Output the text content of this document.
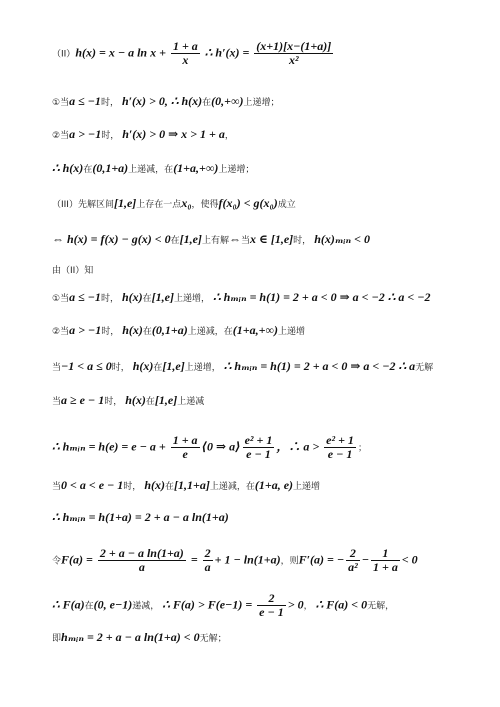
（II）h(x) = x − a $\ln x + \frac{1 + a}{x}$ ∴ $h'(x) = \frac{(x+1)[x-(1+a)]}{\text{x²}}$
①当a ≤ −1时， h′(x) > 0, ∴ h(x)在(0,+∞)上递增；
②当a > −1时， h′(x) > 0 ⇒ x > 1 + a，
∴ h(x)在(0,1+a)上递减，在(1+a,+∞)上递增；
（III）先解区间[1,e]上存在一点x₀，使得f(x₀) < g(x₀)成立
⇔ h(x) = f(x) − g(x) < 0在[1,e]上有解⇔当x ∈ [1,e]时， h(x)ₘᵢₙ < 0
由（II）知
①当a ≤ −1时， h(x)在[1,e]上递增， ∴ hₘᵢₙ = h(1) = 2 + a < 0 ⇒ a < −2 ∴ a < −2
②当a > −1时， h(x)在(0,1+a)上递减，在(1+a,+∞)上递增
当−1 < a ≤ 0时， h(x)在[1,e]上递增， ∴ hₘᵢₙ = h(1) = 2 + a < 0 ⇒ a < −2 ∴ a无解
当a ≥ e − 1时， h(x)在[1,e]上递减
∴ hₘᵢₙ = $h(e) = e - a + \frac{1 + a}{e}$ ⟨0 ⇒ a⟩ $\frac{\text{e² + 1}}{e - 1}$ ，∴ $a > \frac{\text{e² + 1}}{e - 1}$ ；
当0 < a < e − 1时， h(x)在[1,1+a]上递减，在(1+a, e)上递增
∴ hₘᵢₙ = h(1+a) = 2 + a − a ln(1+a)
令$F(a) = \frac{\text{2 + a − a ln(1+a)}}{a} = \frac{2}{a} + 1 - \ln(1+a)$，则F′(a) = − $\frac{2}{\text{a²}} - \frac{1}{1 + a} < 0$
∴ F(a)在(0, e−1)递减， ∴ $F(a) > F(e-1) = \frac{2}{e - 1} > 0$， ∴ F(a) < 0无解，
即hₘᵢₙ = 2 + a − a ln(1+a) < 0无解；
